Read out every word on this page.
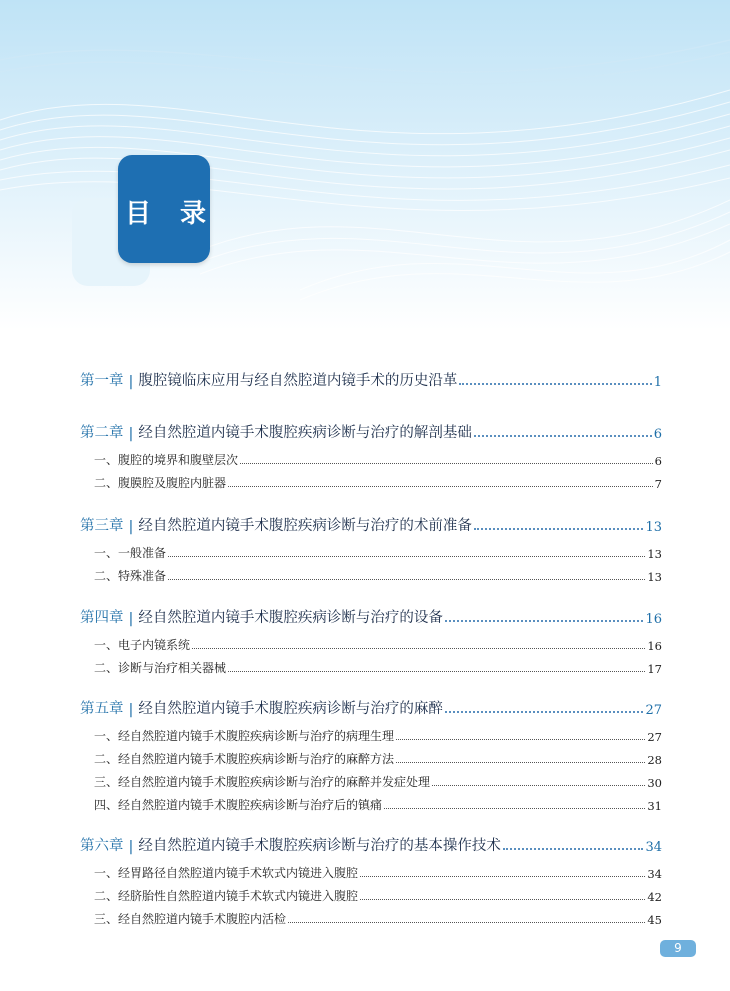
目 录
第一章 | 腹腔镜临床应用与经自然腔道内镜手术的历史沿革	1
第二章 | 经自然腔道内镜手术腹腔疾病诊断与治疗的解剖基础	6
一、腹腔的境界和腹壁层次	6
二、腹膜腔及腹腔内脏器	7
第三章 | 经自然腔道内镜手术腹腔疾病诊断与治疗的术前准备	13
一、一般准备	13
二、特殊准备	13
第四章 | 经自然腔道内镜手术腹腔疾病诊断与治疗的设备	16
一、电子内镜系统	16
二、诊断与治疗相关器械	17
第五章 | 经自然腔道内镜手术腹腔疾病诊断与治疗的麻醉	27
一、经自然腔道内镜手术腹腔疾病诊断与治疗的病理生理	27
二、经自然腔道内镜手术腹腔疾病诊断与治疗的麻醉方法	28
三、经自然腔道内镜手术腹腔疾病诊断与治疗的麻醉并发症处理	30
四、经自然腔道内镜手术腹腔疾病诊断与治疗后的镇痛	31
第六章 | 经自然腔道内镜手术腹腔疾病诊断与治疗的基本操作技术	34
一、经胃路径自然腔道内镜手术软式内镜进入腹腔	34
二、经脐胎性自然腔道内镜手术软式内镜进入腹腔	42
三、经自然腔道内镜手术腹腔内活检	45
9
